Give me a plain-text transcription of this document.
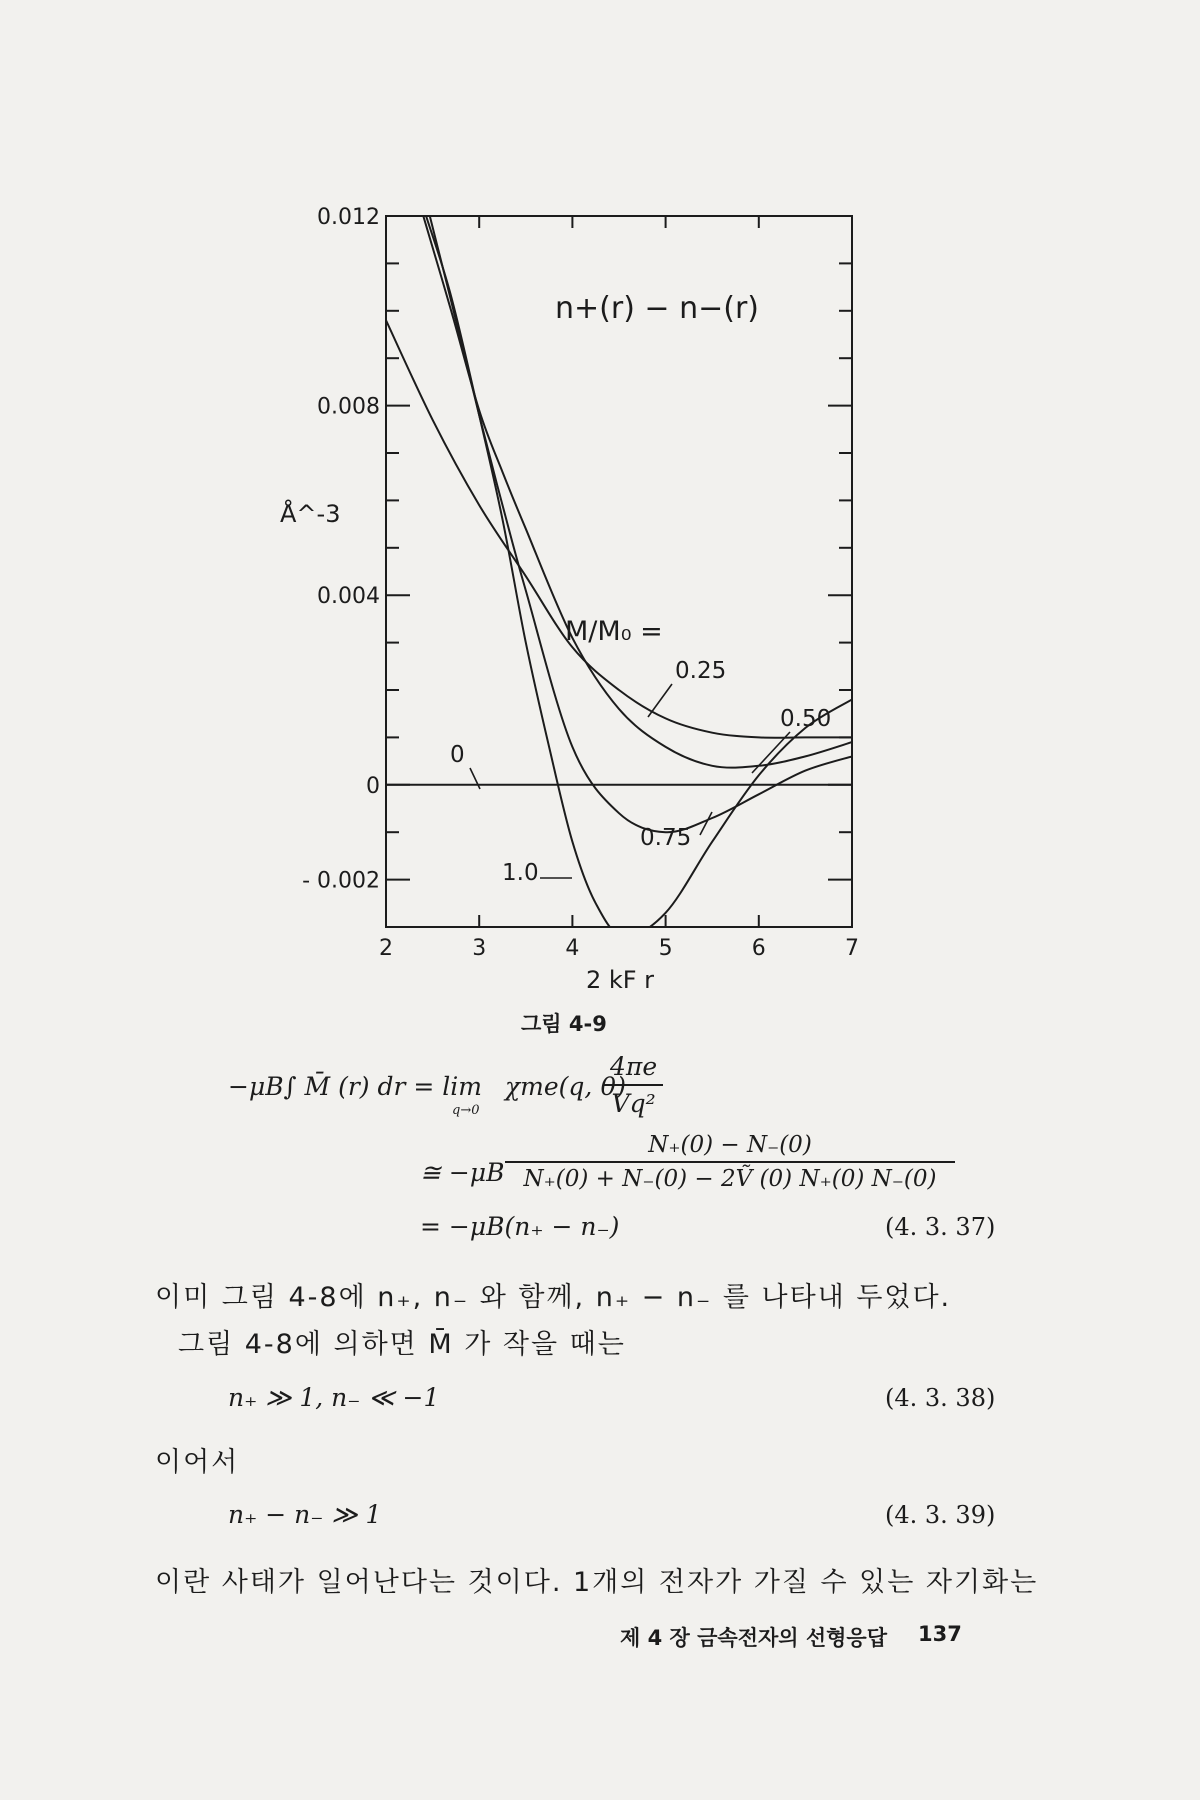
2	3	4	5	6	7
0.012
0.008
0.004
0
- 0.002
2 kF r
Å^-3
n+(r) − n−(r)
M/M₀ =
0
0.25
0.50
0.75
1.0
그림 4-9
−μB∫ M̄ (r) dr = lim
q→0
χme(q, 0)
$\frac{4\pi e}{\text{Vq²}}$
≅ $-\mu B \frac{N_+(0) - N_-(0)}{\text{N₊(0) + N₋(0) − 2Ṽ (0) N₊(0) N₋(0)}}$
= −μB(n₊ − n₋)	(4. 3. 37)
이미 그림 4-8에 n₊, n₋ 와 함께, n₊ − n₋ 를 나타내 두었다.
그림 4-8에 의하면 M̄ 가 작을 때는
n₊ ≫ 1, n₋ ≪ −1	(4. 3. 38)
이어서
n₊ − n₋ ≫ 1	(4. 3. 39)
이란 사태가 일어난다는 것이다. 1개의 전자가 가질 수 있는 자기화는
제 4 장 금속전자의 선형응답 137
